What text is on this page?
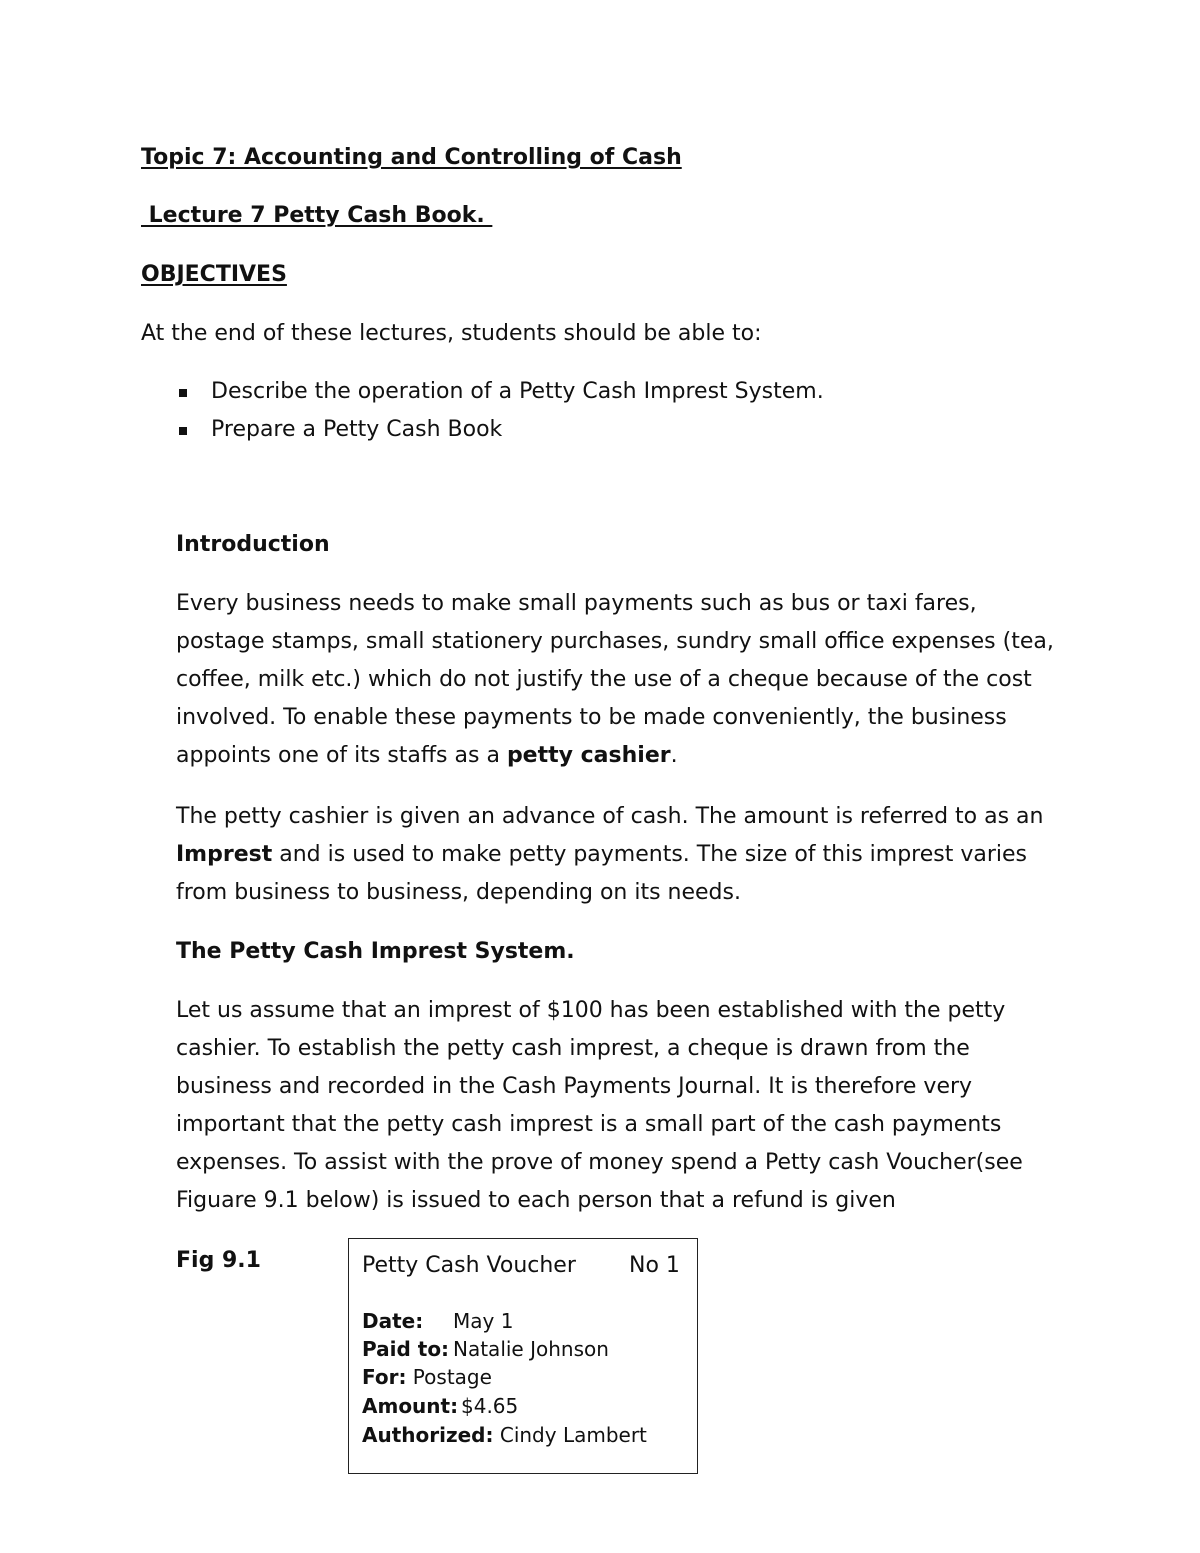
Topic 7: Accounting and Controlling of Cash
Lecture 7 Petty Cash Book.
OBJECTIVES
At the end of these lectures, students should be able to:
Describe the operation of a Petty Cash Imprest System.
Prepare a Petty Cash Book
Introduction
Every business needs to make small payments such as bus or taxi fares,
postage stamps, small stationery purchases, sundry small office expenses (tea,
coffee, milk etc.) which do not justify the use of a cheque because of the cost
involved. To enable these payments to be made conveniently, the business
appoints one of its staffs as a petty cashier.
The petty cashier is given an advance of cash. The amount is referred to as an
Imprest and is used to make petty payments. The size of this imprest varies
from business to business, depending on its needs.
The Petty Cash Imprest System.
Let us assume that an imprest of $100 has been established with the petty
cashier. To establish the petty cash imprest, a cheque is drawn from the
business and recorded in the Cash Payments Journal. It is therefore very
important that the petty cash imprest is a small part of the cash payments
expenses. To assist with the prove of money spend a Petty cash Voucher(see
Figuare 9.1 below) is issued to each person that a refund is given
Fig 9.1	Petty Cash Voucher No 1
Date: May 1
Paid to: Natalie Johnson
For: Postage
Amount: $4.65
Authorized: Cindy Lambert
